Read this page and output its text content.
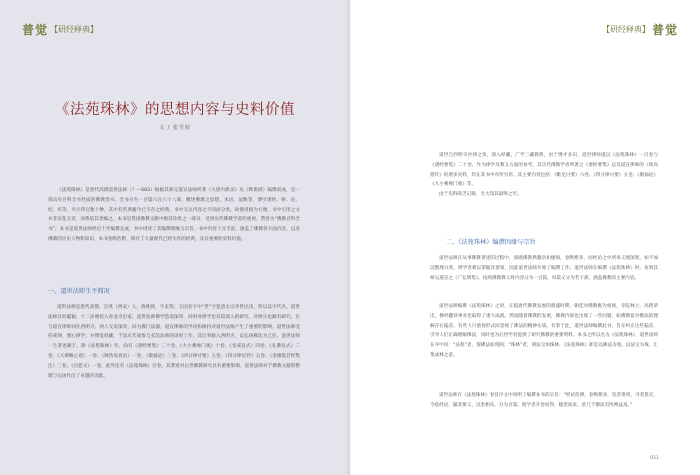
普觉 【研经释典】
《法苑珠林》的思想内容与史料价值
文 / 张雪姣

《法苑珠林》是唐代高僧道世法师（？—683）根据其师兄道宣法师所著《大唐内典录》及《释迦谱》编撰而成，是一部具有百科全书性质的佛教类书。全书分为一百篇六百六十八部，概述佛教之思想、术语、法数等，博引诸经、律、论、纪、传等，共计四百数十种，其中有些典籍今已不存之经典，书中又以内容之不同而分类。故使用极为方便，书中引用之文并非杂乱无章，而系依其类编之。本书是我国佛教文献中极其珍贵之一部书，受到历代佛教学者的重视，赞誉为“佛教百科全书”。本书是道世法师经过十年编撰完成，书中讲述了其编撰理缘与宗旨，书中内容十分丰富，涵盖了佛教各方面内容，以及佛教的历史人物和知识，本书卷帙浩繁，保存了大量现代已经失传的经典，具有重要的史料价值。

一、道世法师生平简况

道世法师是唐代高僧，京兆（西安）人，俗姓韩，字玄恽。又因名字中“世”字犯唐太宗李世民讳，所以以字代名。道世法师自幼聪颖，十二岁便投入青龙寺出家。道世法师佛学造诣深厚，同时对律学也有较深入的研究，对律宗也颇有研究。后与道宣律师同住西明寺，两人交谊深厚，同为佛门法器，道宣律师的学问和修持对道世法师产生了重要的影响。道世法师受持戒律，潜心律学，并博览经藏，于显庆年间参与玄奘法师的译经工作，其后奉敕入西明寺，以弘扬佛法为己任。道世法师一生著述颇丰，除《法苑珠林》外，尚有《诸经要集》二十卷、《大小乘禅门观》十卷、《受戒仪式》四卷、《礼佛仪式》二卷、《大乘略止观》一卷、《辩伪显真论》一卷、《敬福论》三卷、《四分律讨要》五卷、《四分律尼钞》五卷、《金刚般若经集注》三卷、《百愿文》一卷，此外还有《法苑珠林》百卷。其著述对后世佛教研究具有重要影响，道世法师对于佛教文献的整理与弘扬作出了卓越的贡献。

【研经释典】 普觉

道世自西明寺沙律之余，深入经藏，广学三藏教典，由于博才多识，道世律师遂以《法苑珠林》一百卷与《诸经要集》二十卷，作为律学及教义方面的参考，其历代佛教学者所著之《诸经要集》以及道宣律师的《续高僧传》的诸多史料，均在其书中有所引用。其主要内容包括：《毗尼讨要》六卷、《四分律讨要》五卷、《敬福论》《大小乘禅门观》等。

由于史料缺乏记载，尤大知其最终之年。

二、《法苑珠林》编撰因缘与宗旨

道世法师在从事佛教著述的过程中，深感佛教典籍浩如烟海，卷帙繁多，而经论之中所说义理深奥，如不加以整理分类，则学者难以掌握其要领，因此道世法师开始了编撰工作。道世法师在编撰《法苑珠林》时，仿效其师兄道宣之《广弘明集》，按照佛教教义将内容分为一百篇，每篇又分为若干部，涵盖佛教的主要内容。

道世法师编撰《法苑珠林》之时，正值唐代佛教发展的鼎盛时期，朝廷对佛教极为重视，寺院林立，高僧辈出，佛经翻译事业也取得了重大成就。然而随着佛教的发展，佛教内部也出现了一些问题，如佛教徒对佛法的理解存在偏差，有些人只重视形式而忽视了佛法的精神实质。有鉴于此，道世法师编撰此书，旨在纠正这些偏差，引导人们正确理解佛法，同时也为后世学者提供了研究佛教的重要资料。本书之所以名为《法苑珠林》，道世法师在序中说：“法苑”者，谓佛法如苑囿；“珠林”者，谓法宝如珠林，《法苑珠林》即是以佛法为苑、以法宝为珠，汇集成林之意。

道世法师在《法苑珠林》卷首序文中说明了编撰本书的宗旨：“经论浩博，卷帙繁多，览者难周，寻者莫究，今依经论，撮其要义，以类相从，分为百篇，使学者开卷而得，随类而求，庶几于佛法有所裨益焉。”

031
